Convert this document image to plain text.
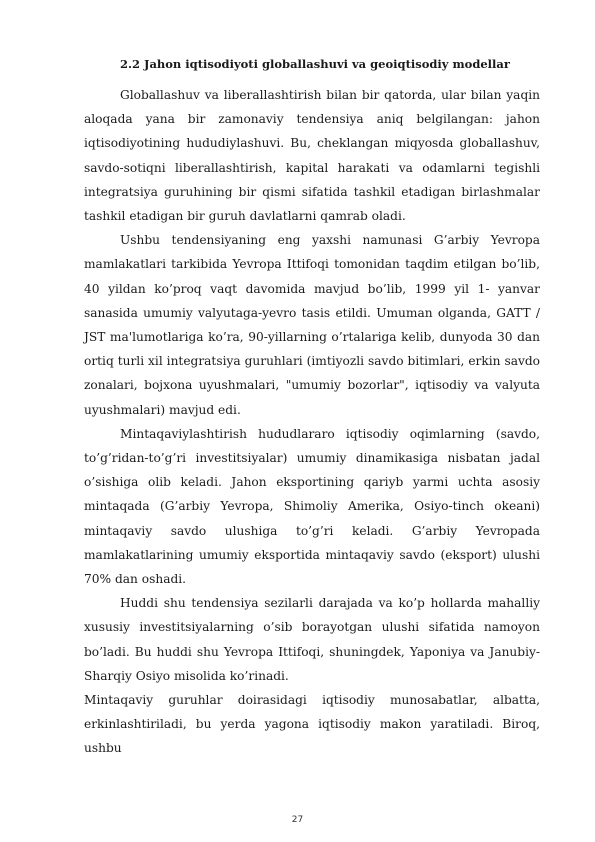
2.2 Jahon iqtisodiyoti globallashuvi va geoiqtisodiy modellar

Globallashuv va liberallashtirish bilan bir qatorda, ular bilan yaqin aloqada yana bir zamonaviy tendensiya aniq belgilangan: jahon iqtisodiyotining hududiylashuvi. Bu, cheklangan miqyosda globallashuv, savdo-sotiqni liberallashtirish, kapital harakati va odamlarni tegishli integratsiya guruhining bir qismi sifatida tashkil etadigan birlashmalar tashkil etadigan bir guruh davlatlarni qamrab oladi.

Ushbu tendensiyaning eng yaxshi namunasi G’arbiy Yevropa mamlakatlari tarkibida Yevropa Ittifoqi tomonidan taqdim etilgan bo’lib, 40 yildan ko’proq vaqt davomida mavjud bo’lib, 1999 yil 1- yanvar sanasida umumiy valyutaga-yevro tasis etildi. Umuman olganda, GATT / JST ma'lumotlariga ko’ra, 90-yillarning o’rtalariga kelib, dunyoda 30 dan ortiq turli xil integratsiya guruhlari (imtiyozli savdo bitimlari, erkin savdo zonalari, bojxona uyushmalari, "umumiy bozorlar", iqtisodiy va valyuta uyushmalari) mavjud edi.

Mintaqaviylashtirish hududlararo iqtisodiy oqimlarning (savdo, to’g’ridan-to’g’ri investitsiyalar) umumiy dinamikasiga nisbatan jadal o’sishiga olib keladi. Jahon eksportining qariyb yarmi uchta asosiy mintaqada (G’arbiy Yevropa, Shimoliy Amerika, Osiyo-tinch okeani) mintaqaviy savdo ulushiga to’g’ri keladi. G’arbiy Yevropada mamlakatlarining umumiy eksportida mintaqaviy savdo (eksport) ulushi 70% dan oshadi.

Huddi shu tendensiya sezilarli darajada va ko’p hollarda mahalliy xususiy investitsiyalarning o’sib borayotgan ulushi sifatida namoyon bo’ladi. Bu huddi shu Yevropa Ittifoqi, shuningdek, Yaponiya va Janubiy-Sharqiy Osiyo misolida ko’rinadi.

Mintaqaviy guruhlar doirasidagi iqtisodiy munosabatlar, albatta, erkinlashtiriladi, bu yerda yagona iqtisodiy makon yaratiladi. Biroq, ushbu

27
